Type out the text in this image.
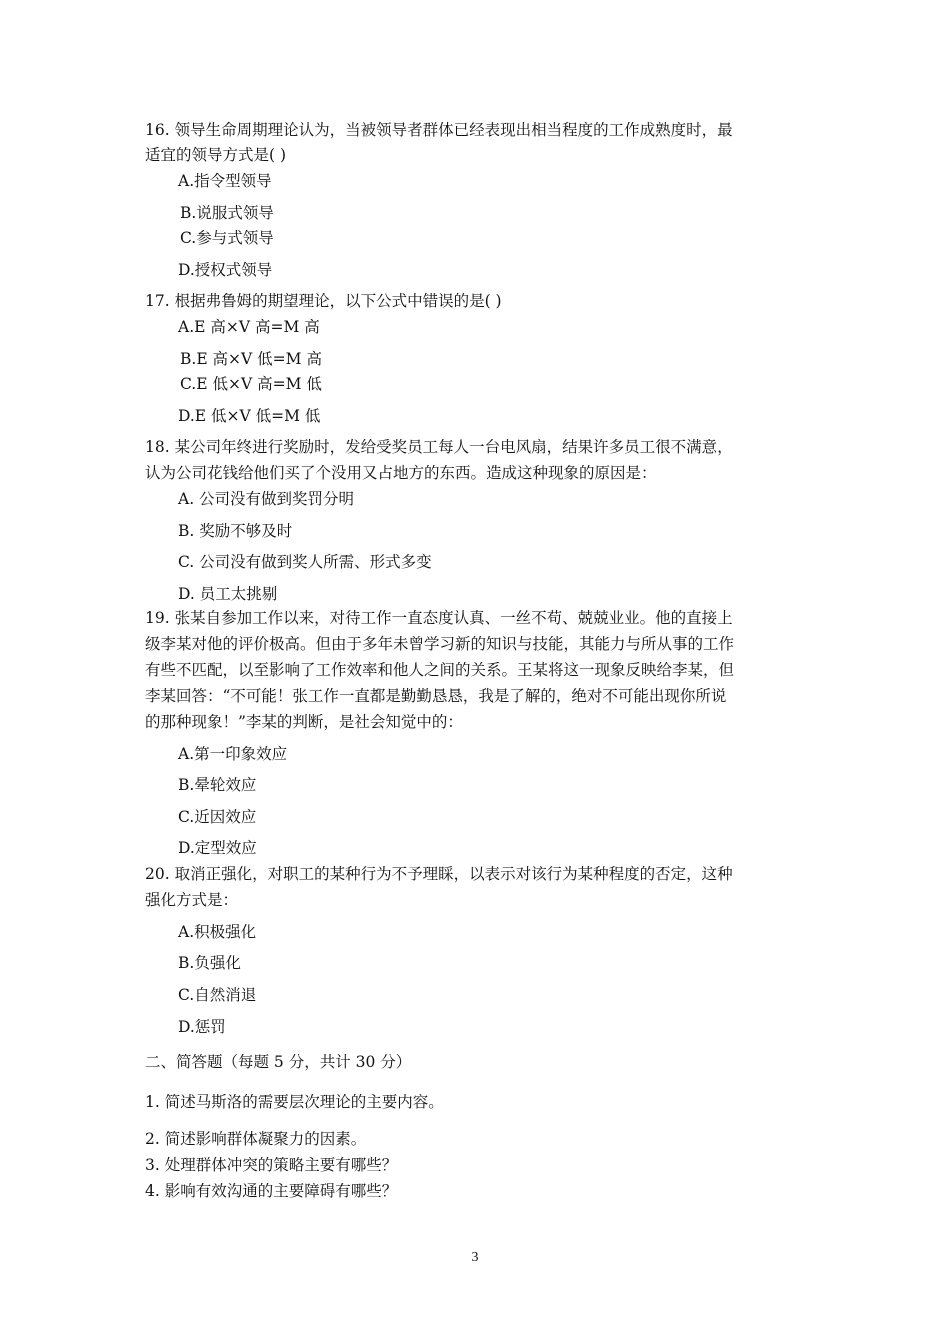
16. 领导生命周期理论认为，当被领导者群体已经表现出相当程度的工作成熟度时，最
适宜的领导方式是( )
A.指令型领导
B.说服式领导
C.参与式领导
D.授权式领导
17. 根据弗鲁姆的期望理论，以下公式中错误的是( )
A.E 高×V 高=M 高
B.E 高×V 低=M 高
C.E 低×V 高=M 低
D.E 低×V 低=M 低
18. 某公司年终进行奖励时，发给受奖员工每人一台电风扇，结果许多员工很不满意，
认为公司花钱给他们买了个没用又占地方的东西。造成这种现象的原因是：
A. 公司没有做到奖罚分明
B. 奖励不够及时
C. 公司没有做到奖人所需、形式多变
D. 员工太挑剔
19. 张某自参加工作以来，对待工作一直态度认真、一丝不苟、兢兢业业。他的直接上
级李某对他的评价极高。但由于多年未曾学习新的知识与技能，其能力与所从事的工作
有些不匹配，以至影响了工作效率和他人之间的关系。王某将这一现象反映给李某，但
李某回答：“不可能！张工作一直都是勤勤恳恳，我是了解的，绝对不可能出现你所说
的那种现象！”李某的判断，是社会知觉中的：
A.第一印象效应
B.晕轮效应
C.近因效应
D.定型效应
20. 取消正强化，对职工的某种行为不予理睬，以表示对该行为某种程度的否定，这种
强化方式是：
A.积极强化
B.负强化
C.自然消退
D.惩罚
二、简答题（每题 5 分，共计 30 分）
1. 简述马斯洛的需要层次理论的主要内容。
2. 简述影响群体凝聚力的因素。
3. 处理群体冲突的策略主要有哪些？
4. 影响有效沟通的主要障碍有哪些？
3
